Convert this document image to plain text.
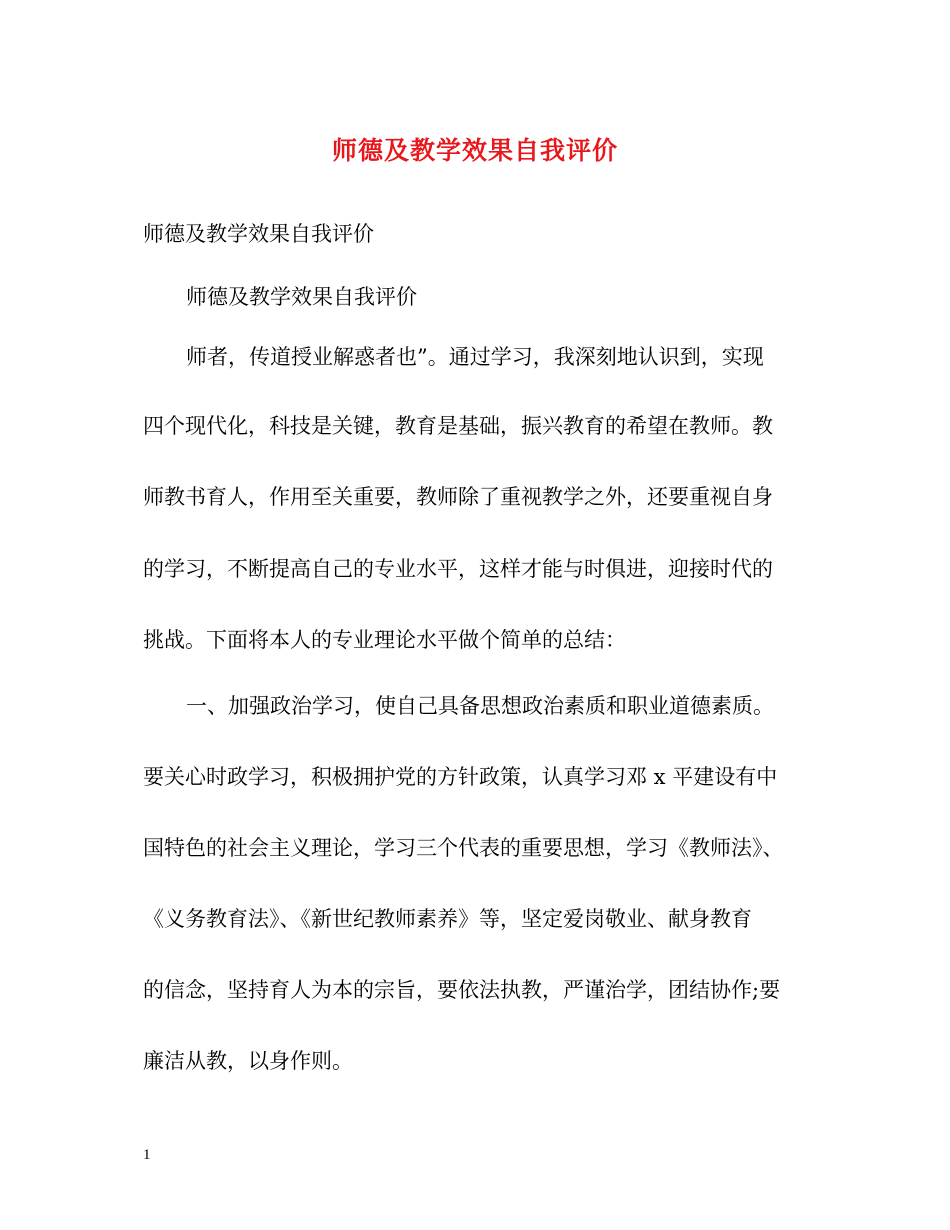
师德及教学效果自我评价
师德及教学效果自我评价
师德及教学效果自我评价
师者，传道授业解惑者也”。通过学习，我深刻地认识到，实现
四个现代化，科技是关键，教育是基础，振兴教育的希望在教师。教
师教书育人，作用至关重要，教师除了重视教学之外，还要重视自身
的学习，不断提高自己的专业水平，这样才能与时俱进，迎接时代的
挑战。下面将本人的专业理论水平做个简单的总结：
一、加强政治学习，使自己具备思想政治素质和职业道德素质。
要关心时政学习，积极拥护党的方针政策，认真学习邓 x 平建设有中
国特色的社会主义理论，学习三个代表的重要思想，学习《教师法》、
《义务教育法》、《新世纪教师素养》等，坚定爱岗敬业、献身教育
的信念，坚持育人为本的宗旨，要依法执教，严谨治学，团结协作;要
廉洁从教，以身作则。
1
